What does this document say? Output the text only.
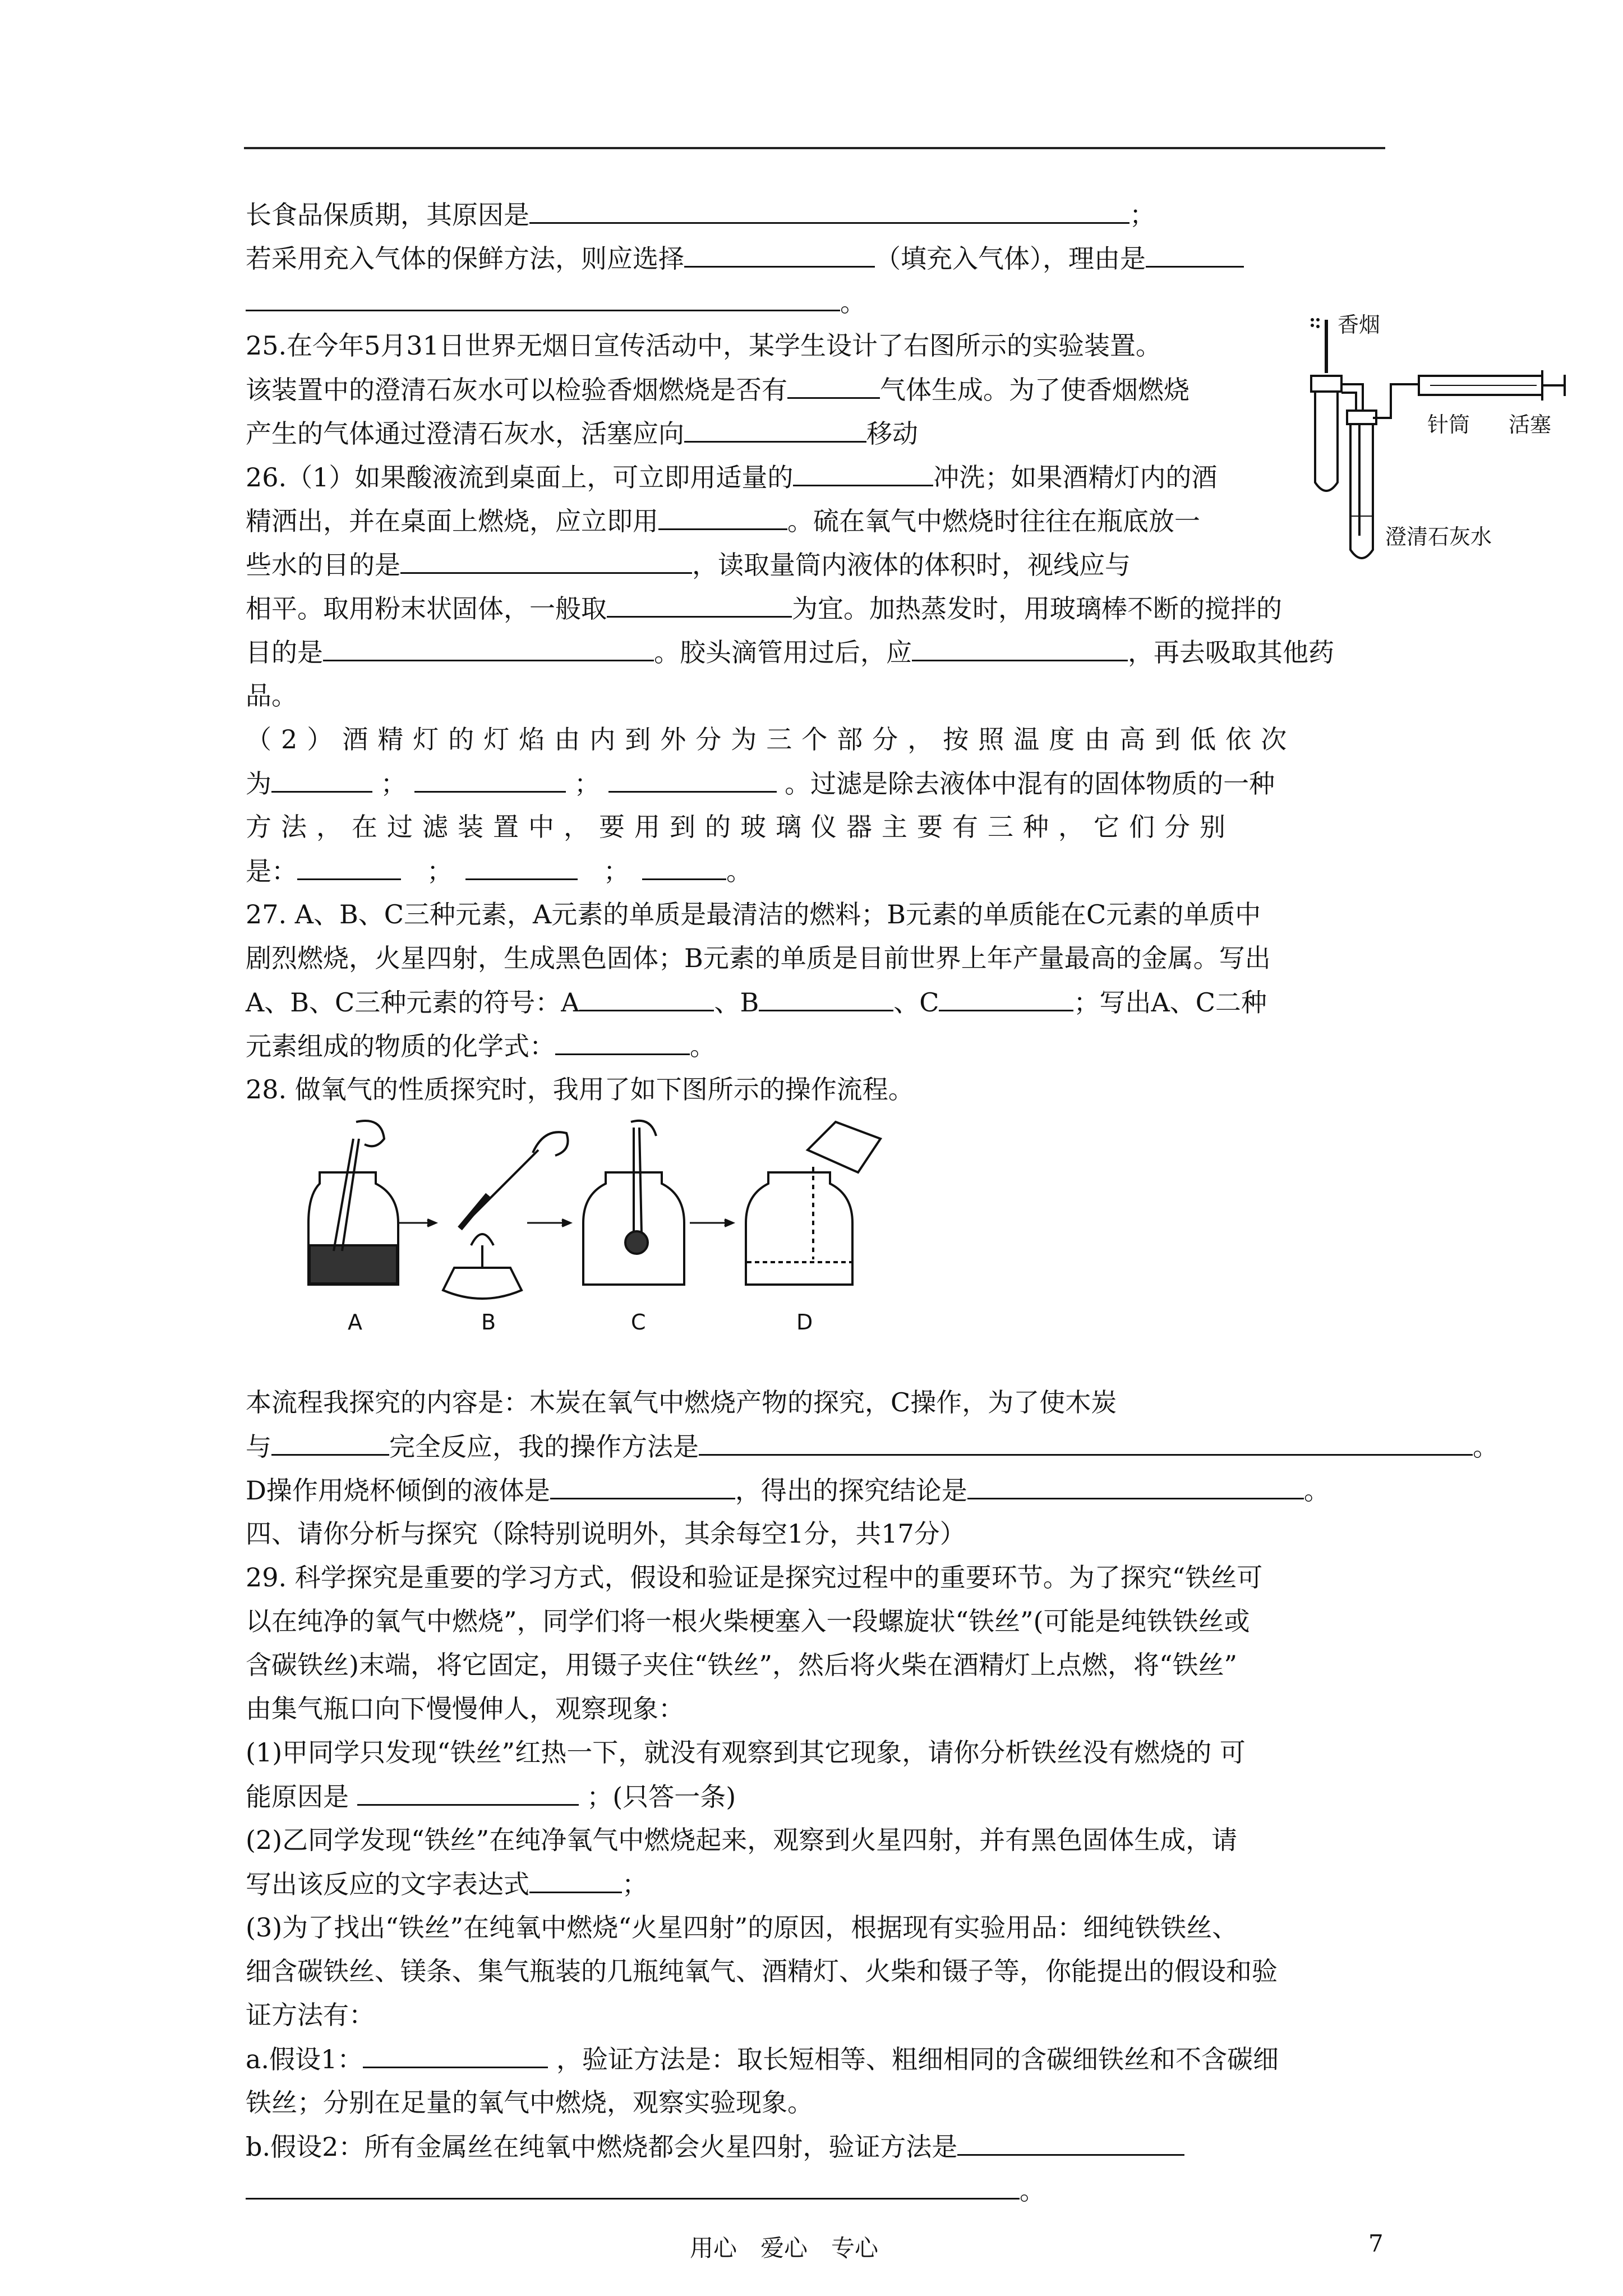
长食品保质期，其原因是	；
若采用充入气体的保鲜方法，则应选择	（填充入气体），理由是
。
25.在今年5月31日世界无烟日宣传活动中，某学生设计了右图所示的实验装置。
该装置中的澄清石灰水可以检验香烟燃烧是否有	气体生成。为了使香烟燃烧
产生的气体通过澄清石灰水，活塞应向	移动
26.（1）如果酸液流到桌面上，可立即用适量的	冲洗；如果酒精灯内的酒
精洒出，并在桌面上燃烧，应立即用	。硫在氧气中燃烧时往往在瓶底放一
些水的目的是	，读取量筒内液体的体积时，视线应与
相平。取用粉末状固体，一般取	为宜。加热蒸发时，用玻璃棒不断的搅拌的
目的是	。胶头滴管用过后，应	，再去吸取其他药
品。
（2）酒精灯的灯焰由内到外分为三个部分，按照温度由高到低依次
为	；	；	。过滤是除去液体中混有的固体物质的一种
方法，在过滤装置中，要用到的玻璃仪器主要有三种，它们分别
是：　	；　　	；　	。
27. A、B、C三种元素，A元素的单质是最清洁的燃料；B元素的单质能在C元素的单质中
剧烈燃烧，火星四射，生成黑色固体；B元素的单质是目前世界上年产量最高的金属。写出
A、B、C三种元素的符号：A	、B	、C	；写出A、C二种
元素组成的物质的化学式：	。
28. 做氧气的性质探究时，我用了如下图所示的操作流程。
香烟
针筒 活塞
澄清石灰水
A	B	C	D
本流程我探究的内容是：木炭在氧气中燃烧产物的探究，C操作，为了使木炭
与	完全反应，我的操作方法是	。
D操作用烧杯倾倒的液体是	，得出的探究结论是	。
四、请你分析与探究（除特别说明外，其余每空1分，共17分）
29. 科学探究是重要的学习方式，假设和验证是探究过程中的重要环节。为了探究“铁丝可
以在纯净的氧气中燃烧”，同学们将一根火柴梗塞入一段螺旋状“铁丝”(可能是纯铁铁丝或
含碳铁丝)末端，将它固定，用镊子夹住“铁丝”，然后将火柴在酒精灯上点燃，将“铁丝”
由集气瓶口向下慢慢伸人，观察现象：
(1)甲同学只发现“铁丝”红热一下，就没有观察到其它现象，请你分析铁丝没有燃烧的 可
能原因是	；(只答一条)
(2)乙同学发现“铁丝”在纯净氧气中燃烧起来，观察到火星四射，并有黑色固体生成，请
写出该反应的文字表达式	；
(3)为了找出“铁丝”在纯氧中燃烧“火星四射”的原因，根据现有实验用品：细纯铁铁丝、
细含碳铁丝、镁条、集气瓶装的几瓶纯氧气、酒精灯、火柴和镊子等，你能提出的假设和验
证方法有：
a.假设1：	，验证方法是：取长短相等、粗细相同的含碳细铁丝和不含碳细
铁丝；分别在足量的氧气中燃烧，观察实验现象。
b.假设2：所有金属丝在纯氧中燃烧都会火星四射，验证方法是
。
用心　爱心　专心	7
